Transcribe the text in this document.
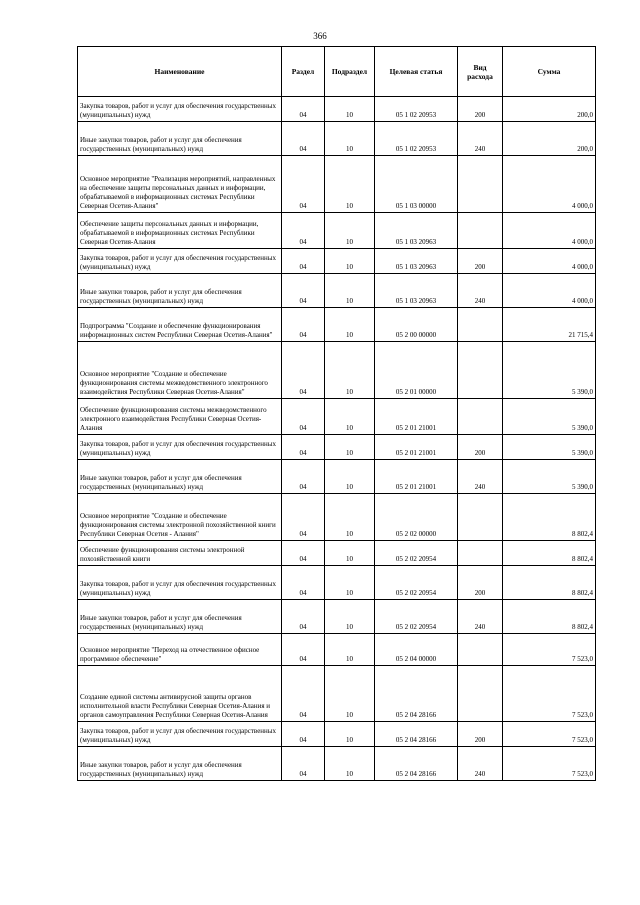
366
Наименование	Раздел	Подраздел	Целевая статья	Вид расхода	Сумма
Закупка товаров, работ и услуг для обеспечения государственных (муниципальных) нужд	04	10	05 1 02 20953	200	200,0
Иные закупки товаров, работ и услуг для обеспечения государственных (муниципальных) нужд	04	10	05 1 02 20953	240	200,0
Основное мероприятие "Реализация мероприятий, направленных на обеспечение защиты персональных данных и информации, обрабатываемой в информационных системах Республики Северная Осетия-Алания"	04	10	05 1 03 00000		4 000,0
Обеспечение защиты персональных данных и информации, обрабатываемой в информационных системах Республики Северная Осетия-Алания	04	10	05 1 03 20963		4 000,0
Закупка товаров, работ и услуг для обеспечения государственных (муниципальных) нужд	04	10	05 1 03 20963	200	4 000,0
Иные закупки товаров, работ и услуг для обеспечения государственных (муниципальных) нужд	04	10	05 1 03 20963	240	4 000,0
Подпрограмма "Создание и обеспечение функционирования информационных систем Республики Северная Осетия-Алания"	04	10	05 2 00 00000		21 715,4
Основное мероприятие "Создание и обеспечение функционирования системы межведомственного электронного взаимодействия Республики Северная Осетия-Алания"	04	10	05 2 01 00000		5 390,0
Обеспечение функционирования системы межведомственного электронного взаимодействия Республики Северная Осетия-Алания	04	10	05 2 01 21001		5 390,0
Закупка товаров, работ и услуг для обеспечения государственных (муниципальных) нужд	04	10	05 2 01 21001	200	5 390,0
Иные закупки товаров, работ и услуг для обеспечения государственных (муниципальных) нужд	04	10	05 2 01 21001	240	5 390,0
Основное мероприятие "Создание и обеспечение функционирования системы электронной похозяйственной книги Республики Северная Осетия - Алания"	04	10	05 2 02 00000		8 802,4
Обеспечение функционирования системы электронной похозяйственной книги	04	10	05 2 02 20954		8 802,4
Закупка товаров, работ и услуг для обеспечения государственных (муниципальных) нужд	04	10	05 2 02 20954	200	8 802,4
Иные закупки товаров, работ и услуг для обеспечения государственных (муниципальных) нужд	04	10	05 2 02 20954	240	8 802,4
Основное мероприятие "Переход на отечественное офисное программное обеспечение"	04	10	05 2 04 00000		7 523,0
Создание единой системы антивирусной защиты органов исполнительной власти Республики Северная Осетия-Алания и органов самоуправления Республики Северная Осетия-Алания	04	10	05 2 04 28166		7 523,0
Закупка товаров, работ и услуг для обеспечения государственных (муниципальных) нужд	04	10	05 2 04 28166	200	7 523,0
Иные закупки товаров, работ и услуг для обеспечения государственных (муниципальных) нужд	04	10	05 2 04 28166	240	7 523,0
